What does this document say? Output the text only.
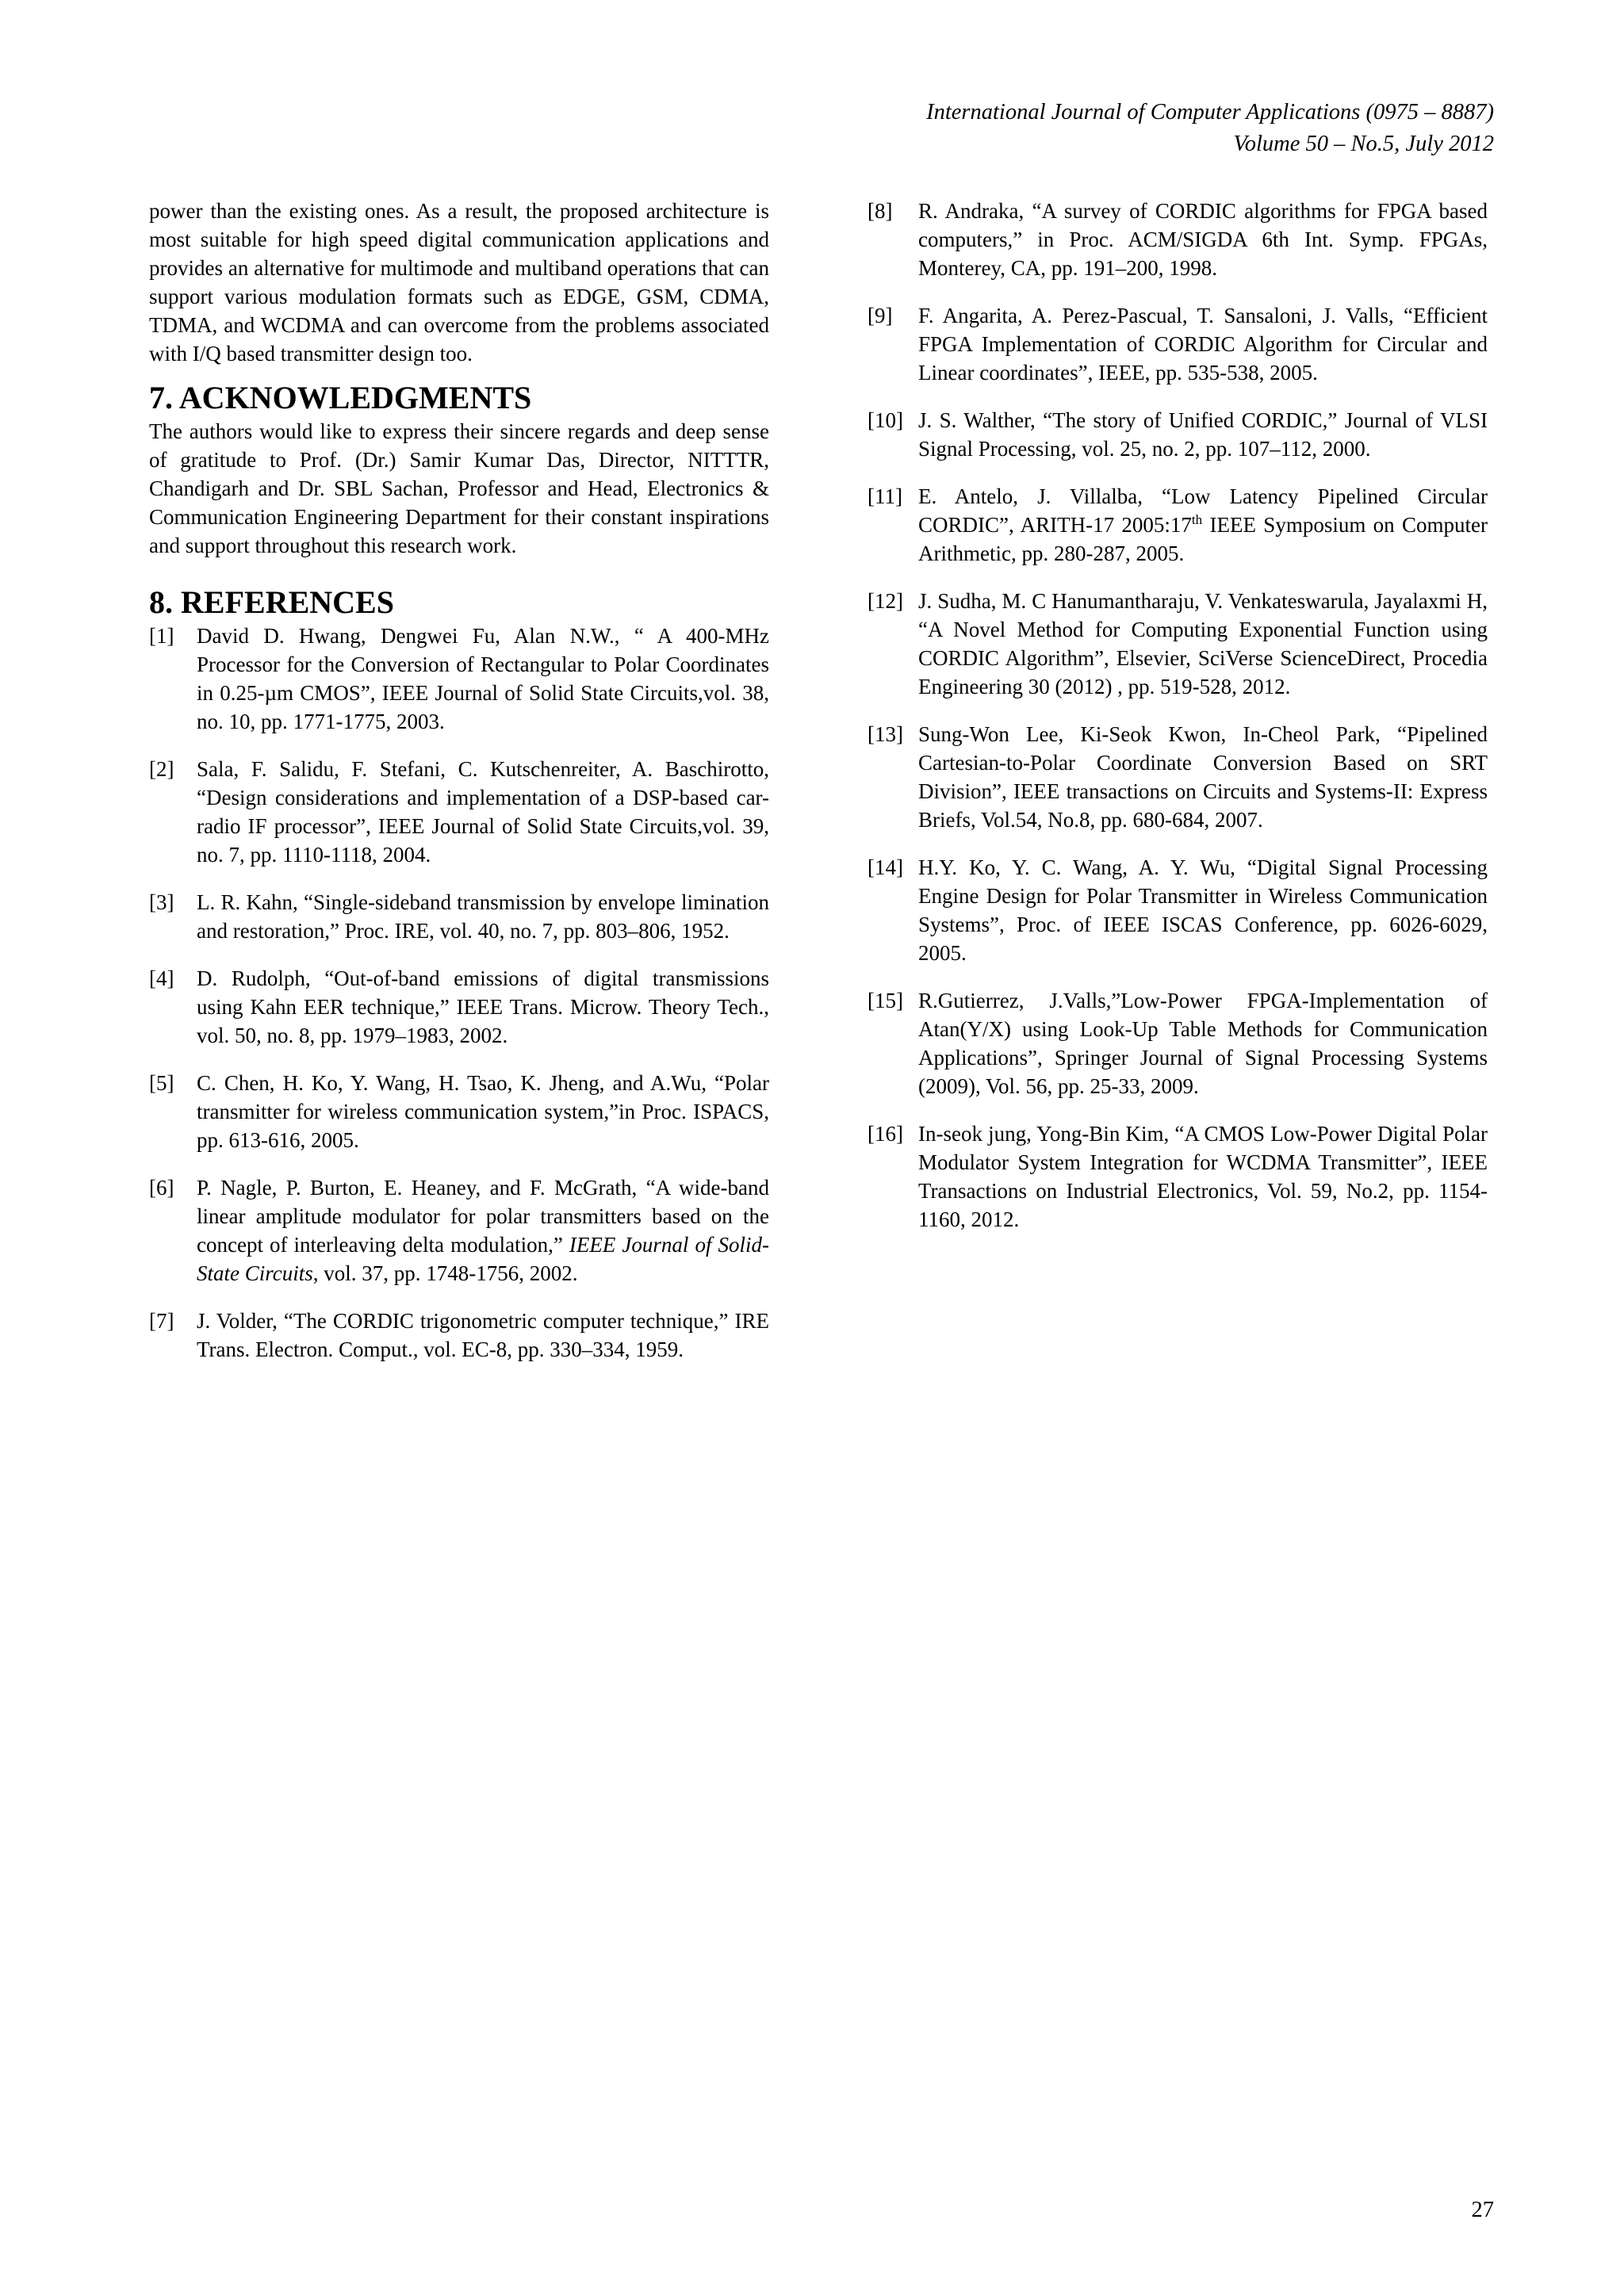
International Journal of Computer Applications (0975 – 8887)
Volume 50 – No.5, July 2012

power than the existing ones. As a result, the proposed architecture is most suitable for high speed digital communication applications and provides an alternative for multimode and multiband operations that can support various modulation formats such as EDGE, GSM, CDMA, TDMA, and WCDMA and can overcome from the problems associated with I/Q based transmitter design too.

7. ACKNOWLEDGMENTS

The authors would like to express their sincere regards and deep sense of gratitude to Prof. (Dr.) Samir Kumar Das, Director, NITTTR, Chandigarh and Dr. SBL Sachan, Professor and Head, Electronics & Communication Engineering Department for their constant inspirations and support throughout this research work.

8. REFERENCES
[1] David D. Hwang, Dengwei Fu, Alan N.W., “ A 400-MHz Processor for the Conversion of Rectangular to Polar Coordinates in 0.25-µm CMOS”, IEEE Journal of Solid State Circuits,vol. 38, no. 10, pp. 1771-1775, 2003.
[2] Sala, F. Salidu, F. Stefani, C. Kutschenreiter, A. Baschirotto, “Design considerations and implementation of a DSP-based car-radio IF processor”, IEEE Journal of Solid State Circuits,vol. 39, no. 7, pp. 1110-1118, 2004.
[3] L. R. Kahn, “Single-sideband transmission by envelope limination and restoration,” Proc. IRE, vol. 40, no. 7, pp. 803–806, 1952.
[4] D. Rudolph, “Out-of-band emissions of digital transmissions using Kahn EER technique,” IEEE Trans. Microw. Theory Tech., vol. 50, no. 8, pp. 1979–1983, 2002.
[5] C. Chen, H. Ko, Y. Wang, H. Tsao, K. Jheng, and A.Wu, “Polar transmitter for wireless communication system,”in Proc. ISPACS, pp. 613-616, 2005.
[6] P. Nagle, P. Burton, E. Heaney, and F. McGrath, “A wide-band linear amplitude modulator for polar transmitters based on the concept of interleaving delta modulation,” IEEE Journal of Solid-State Circuits, vol. 37, pp. 1748-1756, 2002.
[7] J. Volder, “The CORDIC trigonometric computer technique,” IRE Trans. Electron. Comput., vol. EC-8, pp. 330–334, 1959.
[8] R. Andraka, “A survey of CORDIC algorithms for FPGA based computers,” in Proc. ACM/SIGDA 6th Int. Symp. FPGAs, Monterey, CA, pp. 191–200, 1998.
[9] F. Angarita, A. Perez-Pascual, T. Sansaloni, J. Valls, “Efficient FPGA Implementation of CORDIC Algorithm for Circular and Linear coordinates”, IEEE, pp. 535-538, 2005.
[10] J. S. Walther, “The story of Unified CORDIC,” Journal of VLSI Signal Processing, vol. 25, no. 2, pp. 107–112, 2000.
[11] E. Antelo, J. Villalba, “Low Latency Pipelined Circular CORDIC”, ARITH-17 2005:17th IEEE Symposium on Computer Arithmetic, pp. 280-287, 2005.
[12] J. Sudha, M. C Hanumantharaju, V. Venkateswarula, Jayalaxmi H, “A Novel Method for Computing Exponential Function using CORDIC Algorithm”, Elsevier, SciVerse ScienceDirect, Procedia Engineering 30 (2012) , pp. 519-528, 2012.
[13] Sung-Won Lee, Ki-Seok Kwon, In-Cheol Park, “Pipelined Cartesian-to-Polar Coordinate Conversion Based on SRT Division”, IEEE transactions on Circuits and Systems-II: Express Briefs, Vol.54, No.8, pp. 680-684, 2007.
[14] H.Y. Ko, Y. C. Wang, A. Y. Wu, “Digital Signal Processing Engine Design for Polar Transmitter in Wireless Communication Systems”, Proc. of IEEE ISCAS Conference, pp. 6026-6029, 2005.
[15] R.Gutierrez, J.Valls,”Low-Power FPGA-Implementation of Atan(Y/X) using Look-Up Table Methods for Communication Applications”, Springer Journal of Signal Processing Systems (2009), Vol. 56, pp. 25-33, 2009.
[16] In-seok jung, Yong-Bin Kim, “A CMOS Low-Power Digital Polar Modulator System Integration for WCDMA Transmitter”, IEEE Transactions on Industrial Electronics, Vol. 59, No.2, pp. 1154-1160, 2012.
27
